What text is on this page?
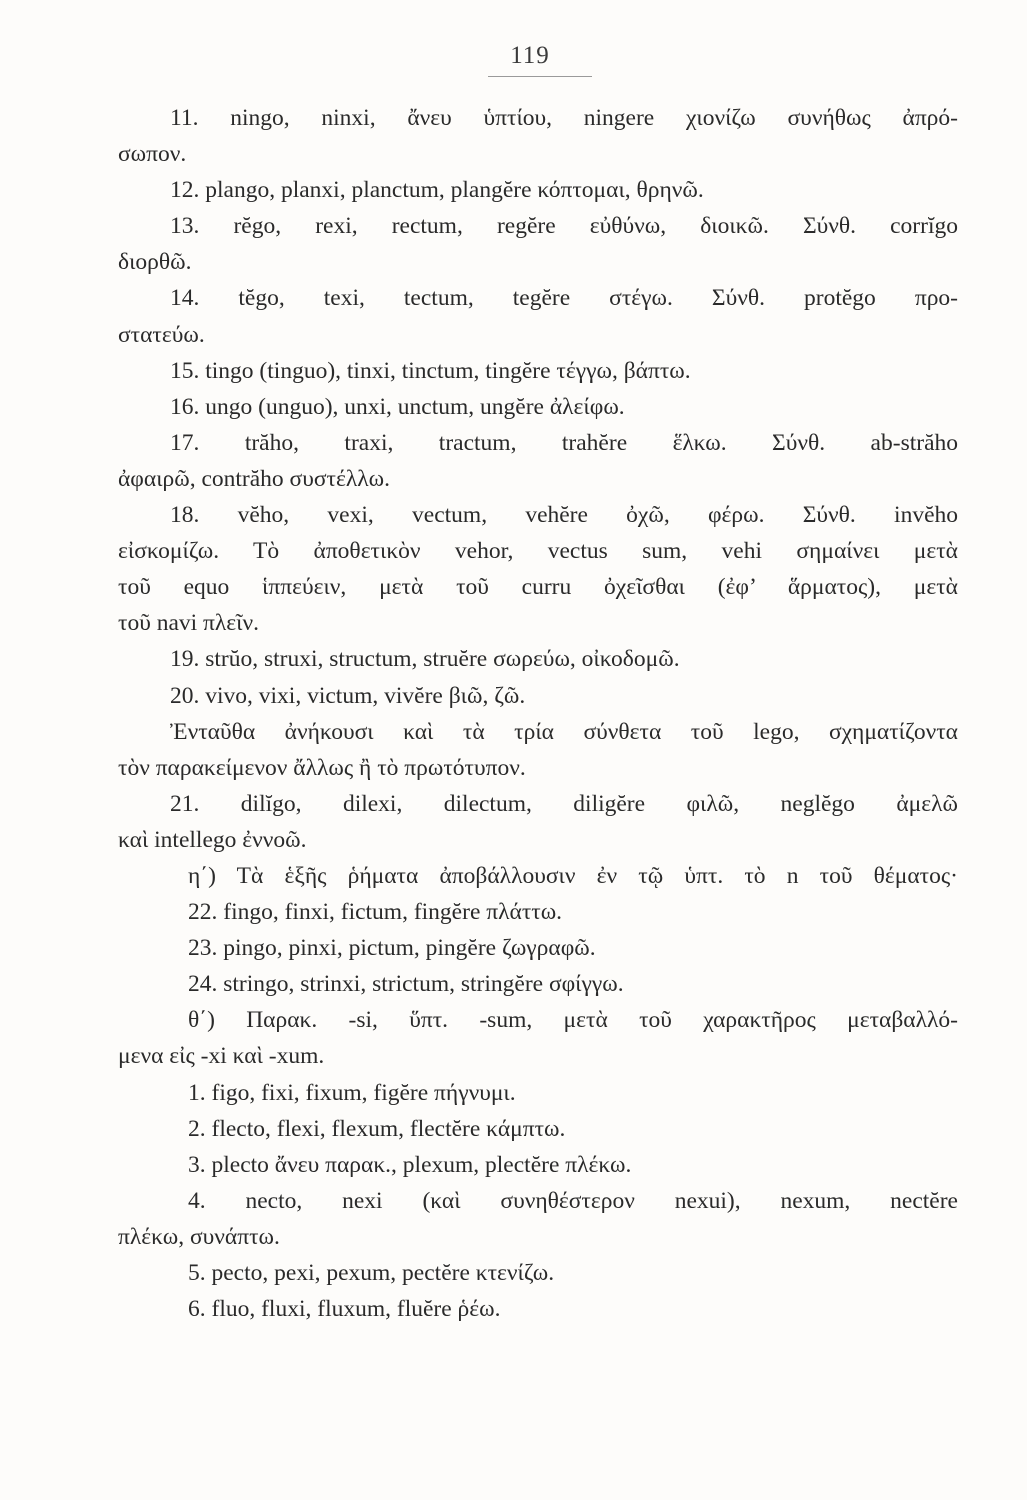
119
11. ningo, ninxi, ἄνευ ὑπτίου, ningere χιονίζω συνήθως ἀπρό-
σωπον.
12. plango, planxi, planctum, plangĕre κόπτομαι, θρηνῶ.
13. rĕgo, rexi, rectum, regĕre εὐθύνω, διοικῶ. Σύνθ. corrĭgo
διορθῶ.
14. tĕgo, texi, tectum, tegĕre στέγω. Σύνθ. protĕgo προ-
στατεύω.
15. tingo (tinguo), tinxi, tinctum, tingĕre τέγγω, βάπτω.
16. ungo (unguo), unxi, unctum, ungĕre ἀλείφω.
17. trăho, traxi, tractum, trahĕre ἕλκω. Σύνθ. ab-străho
ἀφαιρῶ, contrăho συστέλλω.
18. vĕho, vexi, vectum, vehĕre ὀχῶ, φέρω. Σύνθ. invĕho
εἰσκομίζω. Τὸ ἀποθετικὸν vehor, vectus sum, vehi σημαίνει μετὰ
τοῦ equo ἱππεύειν, μετὰ τοῦ curru ὀχεῖσθαι (ἐφ’ ἅρματος), μετὰ
τοῦ navi πλεῖν.
19. strŭo, struxi, structum, struĕre σωρεύω, οἰκοδομῶ.
20. vivo, vixi, victum, vivĕre βιῶ, ζῶ.
Ἐνταῦθα ἀνήκουσι καὶ τὰ τρία σύνθετα τοῦ lego, σχηματίζοντα
τὸν παρακείμενον ἄλλως ἢ τὸ πρωτότυπον.
21. dilĭgo, dilexi, dilectum, diligĕre φιλῶ, neglĕgo ἀμελῶ
καὶ intellego ἐννοῶ.
η΄) Τὰ ἑξῆς ῥήματα ἀποβάλλουσιν ἐν τῷ ὑπτ. τὸ n τοῦ θέματος·
22. fingo, finxi, fictum, fingĕre πλάττω.
23. pingo, pinxi, pictum, pingĕre ζωγραφῶ.
24. stringo, strinxi, strictum, stringĕre σφίγγω.
θ΄) Παρακ. -si, ὕπτ. -sum, μετὰ τοῦ χαρακτῆρος μεταβαλλό-
μενα εἰς -xi καὶ -xum.
1. figo, fixi, fixum, figĕre πήγνυμι.
2. flecto, flexi, flexum, flectĕre κάμπτω.
3. plecto ἄνευ παρακ., plexum, plectĕre πλέκω.
4. necto, nexi (καὶ συνηθέστερον nexui), nexum, nectĕre
πλέκω, συνάπτω.
5. pecto, pexi, pexum, pectĕre κτενίζω.
6. fluo, fluxi, fluxum, fluĕre ῥέω.
